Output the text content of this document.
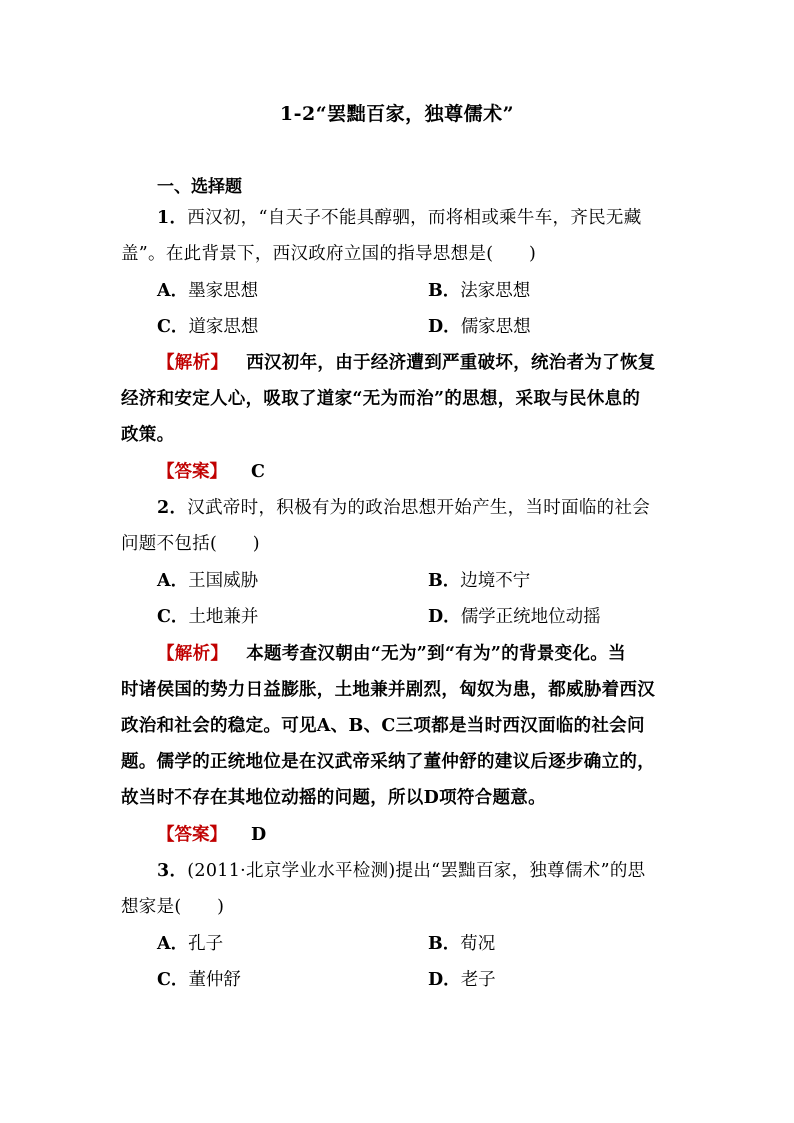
1-2“罢黜百家，独尊儒术”
一、选择题
1．西汉初，“自天子不能具醇驷，而将相或乘牛车，齐民无藏
盖”。在此背景下，西汉政府立国的指导思想是(　　)
A．墨家思想	B．法家思想
C．道家思想	D．儒家思想
【解析】 西汉初年，由于经济遭到严重破坏，统治者为了恢复
经济和安定人心，吸取了道家“无为而治”的思想，采取与民休息的
政策。
【答案】 C
2．汉武帝时，积极有为的政治思想开始产生，当时面临的社会
问题不包括(　　)
A．王国威胁	B．边境不宁
C．土地兼并	D．儒学正统地位动摇
【解析】 本题考查汉朝由“无为”到“有为”的背景变化。当
时诸侯国的势力日益膨胀，土地兼并剧烈，匈奴为患，都威胁着西汉
政治和社会的稳定。可见A、B、C三项都是当时西汉面临的社会问
题。儒学的正统地位是在汉武帝采纳了董仲舒的建议后逐步确立的，
故当时不存在其地位动摇的问题，所以D项符合题意。
【答案】 D
3．(2011·北京学业水平检测)提出“罢黜百家，独尊儒术”的思
想家是(　　)
A．孔子	B．荀况
C．董仲舒	D．老子
